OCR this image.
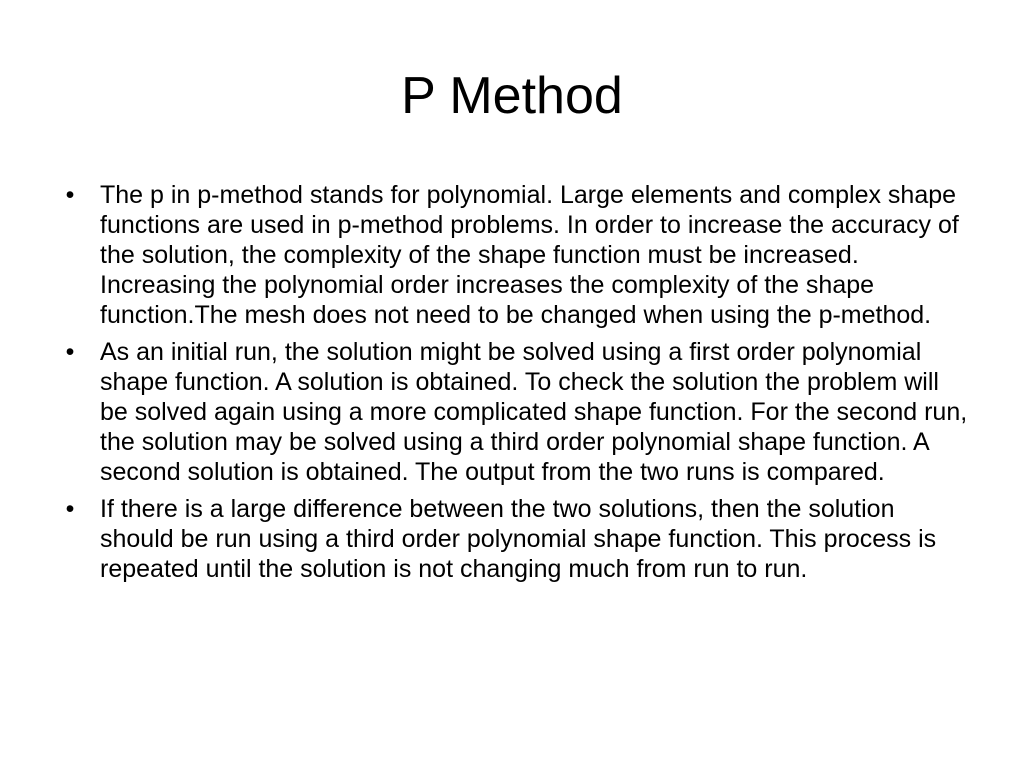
P Method
• The p in p-method stands for polynomial. Large elements and complex shape functions are used in p-method problems. In order to increase the accuracy of the solution, the complexity of the shape function must be increased. Increasing the polynomial order increases the complexity of the shape function.The mesh does not need to be changed when using the p-method.
• As an initial run, the solution might be solved using a first order polynomial shape function. A solution is obtained. To check the solution the problem will be solved again using a more complicated shape function. For the second run, the solution may be solved using a third order polynomial shape function. A second solution is obtained. The output from the two runs is compared.
• If there is a large difference between the two solutions, then the solution should be run using a third order polynomial shape function. This process is repeated until the solution is not changing much from run to run.
